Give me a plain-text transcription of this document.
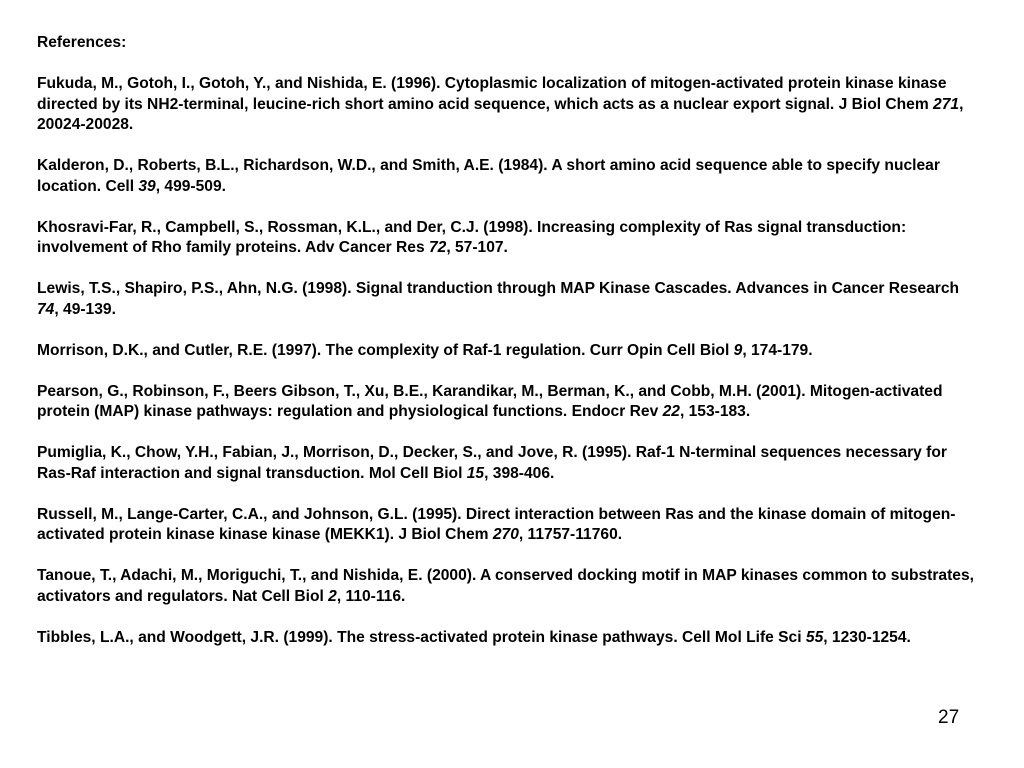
References:

Fukuda, M., Gotoh, I., Gotoh, Y., and Nishida, E. (1996). Cytoplasmic localization of mitogen-activated protein kinase kinase directed by its NH2-terminal, leucine-rich short amino acid sequence, which acts as a nuclear export signal. J Biol Chem 271, 20024-20028.
Kalderon, D., Roberts, B.L., Richardson, W.D., and Smith, A.E. (1984). A short amino acid sequence able to specify nuclear location. Cell 39, 499-509.
Khosravi-Far, R., Campbell, S., Rossman, K.L., and Der, C.J. (1998). Increasing complexity of Ras signal transduction: involvement of Rho family proteins. Adv Cancer Res 72, 57-107.
Lewis, T.S., Shapiro, P.S., Ahn, N.G. (1998). Signal tranduction through MAP Kinase Cascades. Advances in Cancer Research 74, 49-139.
Morrison, D.K., and Cutler, R.E. (1997). The complexity of Raf-1 regulation. Curr Opin Cell Biol 9, 174-179.
Pearson, G., Robinson, F., Beers Gibson, T., Xu, B.E., Karandikar, M., Berman, K., and Cobb, M.H. (2001). Mitogen-activated protein (MAP) kinase pathways: regulation and physiological functions. Endocr Rev 22, 153-183.
Pumiglia, K., Chow, Y.H., Fabian, J., Morrison, D., Decker, S., and Jove, R. (1995). Raf-1 N-terminal sequences necessary for Ras-Raf interaction and signal transduction. Mol Cell Biol 15, 398-406.
Russell, M., Lange-Carter, C.A., and Johnson, G.L. (1995). Direct interaction between Ras and the kinase domain of mitogen- activated protein kinase kinase kinase (MEKK1). J Biol Chem 270, 11757-11760.
Tanoue, T., Adachi, M., Moriguchi, T., and Nishida, E. (2000). A conserved docking motif in MAP kinases common to substrates, activators and regulators. Nat Cell Biol 2, 110-116.
Tibbles, L.A., and Woodgett, J.R. (1999). The stress-activated protein kinase pathways. Cell Mol Life Sci 55, 1230-1254.
27
